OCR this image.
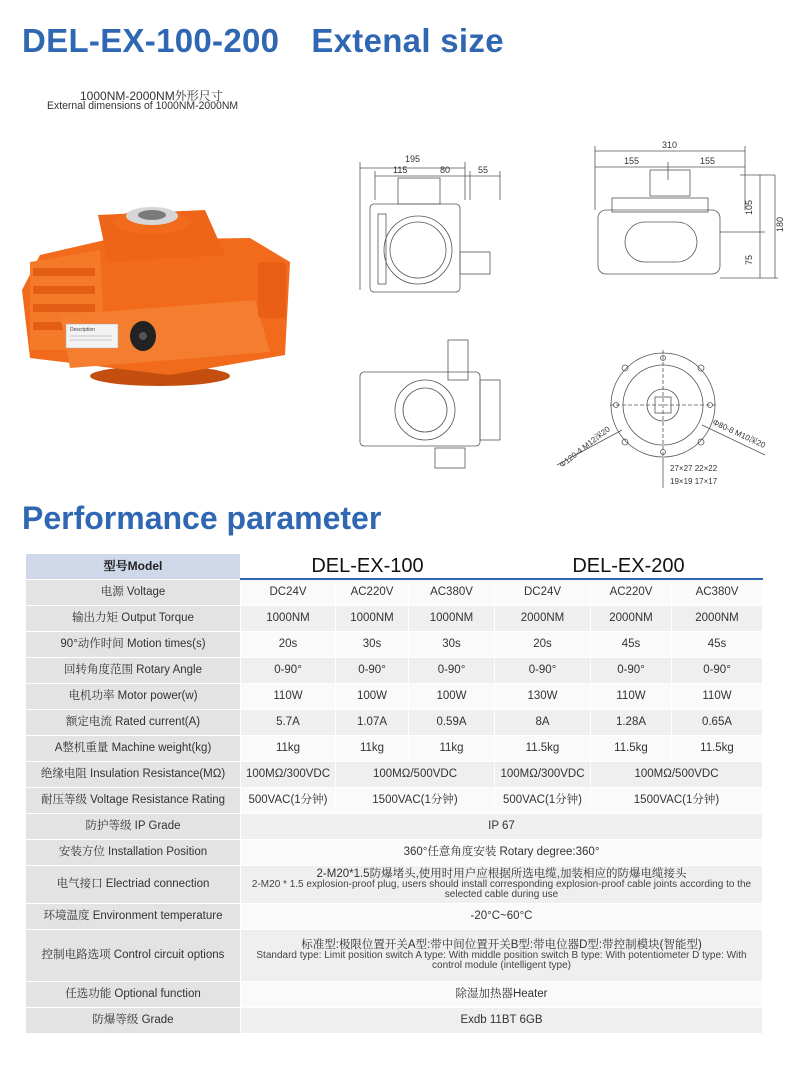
DEL-EX-100-200 Extenal size
1000NM-2000NM外形尺寸
External dimensions of 1000NM-2000NM
Description
195
115	80	55
310
155	155
105
75
180
Φ120-4 M12深20	Φ80-8 M10深20
27×27 22×22
19×19 17×17
Performance parameter
型号Model	DEL-EX-100			DEL-EX-200		
电源 Voltage	DC24V	AC220V	AC380V	DC24V	AC220V	AC380V
输出力矩 Output Torque	1000NM	1000NM	1000NM	2000NM	2000NM	2000NM
90°动作时间 Motion times(s)	20s	30s	30s	20s	45s	45s
回转角度范围 Rotary Angle	0-90°	0-90°	0-90°	0-90°	0-90°	0-90°
电机功率 Motor power(w)	110W	100W	100W	130W	110W	110W
额定电流 Rated current(A)	5.7A	1.07A	0.59A	8A	1.28A	0.65A
A整机重量 Machine weight(kg)	11kg	11kg	11kg	11.5kg	11.5kg	11.5kg
绝缘电阻 Insulation Resistance(MΩ)	100MΩ/300VDC	100MΩ/500VDC		100MΩ/300VDC	100MΩ/500VDC	
耐压等级 Voltage Resistance Rating	500VAC(1分钟)	1500VAC(1分钟)		500VAC(1分钟)	1500VAC(1分钟)	
防护等级 IP Grade	IP 67					
安装方位 Installation Position	360°任意角度安装 Rotary degree:360°					
电气接口 Electriad connection	2-M20*1.5防爆堵头,使用时用户应根据所选电缆,加装相应的防爆电缆接头
2-M20 * 1.5 explosion-proof plug, users should install corresponding explosion-proof cable joints according to the selected cable during use					

环境温度 Environment temperature	-20°C~60°C					
控制电路选项 Control circuit options	标准型:极限位置开关A型:带中间位置开关B型:带电位器D型:带控制模块(智能型)
Standard type: Limit position switch A type: With middle position switch B type: With potentiometer D type: With control module (intelligent type)					

任选功能 Optional function	除湿加热器Heater					
防爆等级 Grade	Exdb 11BT 6GB					
